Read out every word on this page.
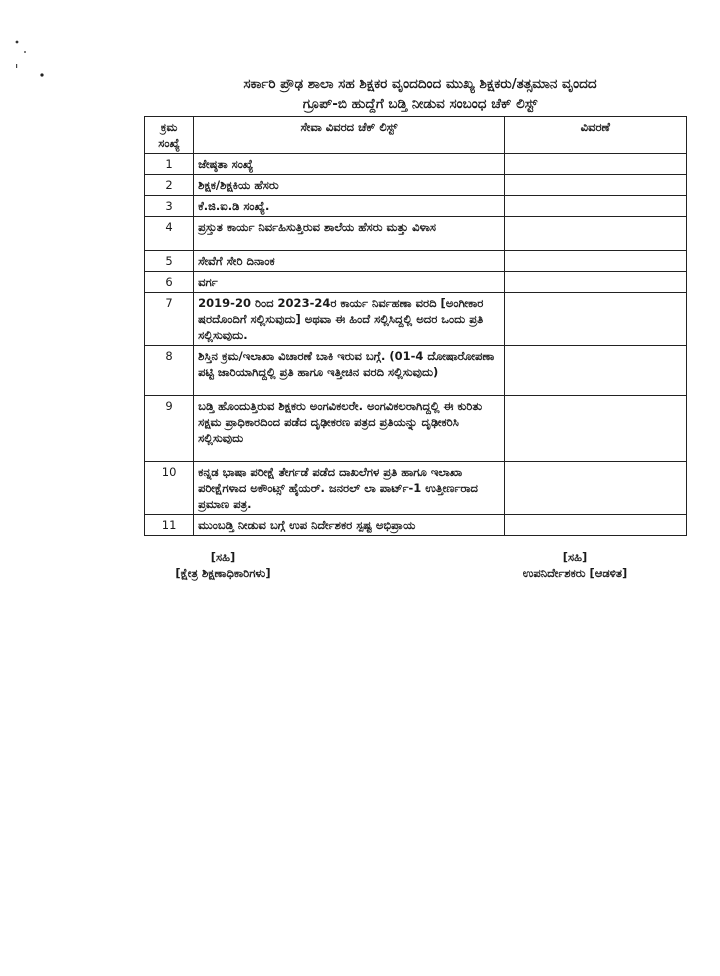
ಸರ್ಕಾರಿ ಪ್ರೌಢ ಶಾಲಾ ಸಹ ಶಿಕ್ಷಕರ ವೃಂದದಿಂದ ಮುಖ್ಯ ಶಿಕ್ಷಕರು/ತತ್ಸಮಾನ ವೃಂದದ
ಗ್ರೂಪ್-ಬಿ ಹುದ್ದೆಗೆ ಬಡ್ತಿ ನೀಡುವ ಸಂಬಂಧ ಚೆಕ್ ಲಿಸ್ಟ್
ಕ್ರಮ ಸಂಖ್ಯೆ	ಸೇವಾ ವಿವರದ ಚೆಕ್ ಲಿಸ್ಟ್	ವಿವರಣೆ
1	ಜೇಷ್ಠತಾ ಸಂಖ್ಯೆ	
2	ಶಿಕ್ಷಕ/ಶಿಕ್ಷಕಿಯ ಹೆಸರು	
3	ಕೆ.ಜಿ.ಐ.ಡಿ ಸಂಖ್ಯೆ.	
4	ಪ್ರಸ್ತುತ ಕಾರ್ಯ ನಿರ್ವಹಿಸುತ್ತಿರುವ ಶಾಲೆಯ ಹೆಸರು ಮತ್ತು ವಿಳಾಸ	
5	ಸೇವೆಗೆ ಸೇರಿ ದಿನಾಂಕ	
6	ವರ್ಗ	
7	2019-20 ರಿಂದ 2023-24ರ ಕಾರ್ಯ ನಿರ್ವಹಣಾ ವರದಿ [ಅಂಗೀಕಾರ ಷರದೊಂದಿಗೆ ಸಲ್ಲಿಸುವುದು] ಅಥವಾ ಈ ಹಿಂದೆ ಸಲ್ಲಿಸಿದ್ದಲ್ಲಿ ಅದರ ಒಂದು ಪ್ರತಿ ಸಲ್ಲಿಸುವುದು.	
8	ಶಿಸ್ತಿನ ಕ್ರಮ/ಇಲಾಖಾ ವಿಚಾರಣೆ ಬಾಕಿ ಇರುವ ಬಗ್ಗೆ. (01-4 ದೋಷಾರೋಪಣಾ ಪಟ್ಟಿ ಜಾರಿಯಾಗಿದ್ದಲ್ಲಿ ಪ್ರತಿ ಹಾಗೂ ಇತ್ತೀಚಿನ ವರದಿ ಸಲ್ಲಿಸುವುದು)	
9	ಬಡ್ತಿ ಹೊಂದುತ್ತಿರುವ ಶಿಕ್ಷಕರು ಅಂಗವಿಕಲರೇ. ಅಂಗವಿಕಲರಾಗಿದ್ದಲ್ಲಿ ಈ ಕುರಿತು ಸಕ್ಷಮ ಪ್ರಾಧಿಕಾರದಿಂದ ಪಡೆದ ದೃಢೀಕರಣ ಪತ್ರದ ಪ್ರತಿಯನ್ನು ದೃಢೀಕರಿಸಿ ಸಲ್ಲಿಸುವುದು	
10	ಕನ್ನಡ ಭಾಷಾ ಪರೀಕ್ಷೆ ತೇರ್ಗಡೆ ಪಡೆದ ದಾಖಲೆಗಳ ಪ್ರತಿ ಹಾಗೂ ಇಲಾಖಾ ಪರೀಕ್ಷೆಗಳಾದ ಅಕೌಂಟ್ಸ್ ಹೈಯರ್. ಜನರಲ್ ಲಾ ಪಾರ್ಟ್-1 ಉತ್ತೀರ್ಣರಾದ ಪ್ರಮಾಣ ಪತ್ರ.	
11	ಮುಂಬಡ್ತಿ ನೀಡುವ ಬಗ್ಗೆ ಉಪ ನಿರ್ದೇಶಕರ ಸ್ಪಷ್ಟ ಅಭಿಪ್ರಾಯ	
[ಸಹಿ]
[ಕ್ಷೇತ್ರ ಶಿಕ್ಷಣಾಧಿಕಾರಿಗಳು]
[ಸಹಿ]
ಉಪನಿರ್ದೇಶಕರು [ಆಡಳಿತ]
